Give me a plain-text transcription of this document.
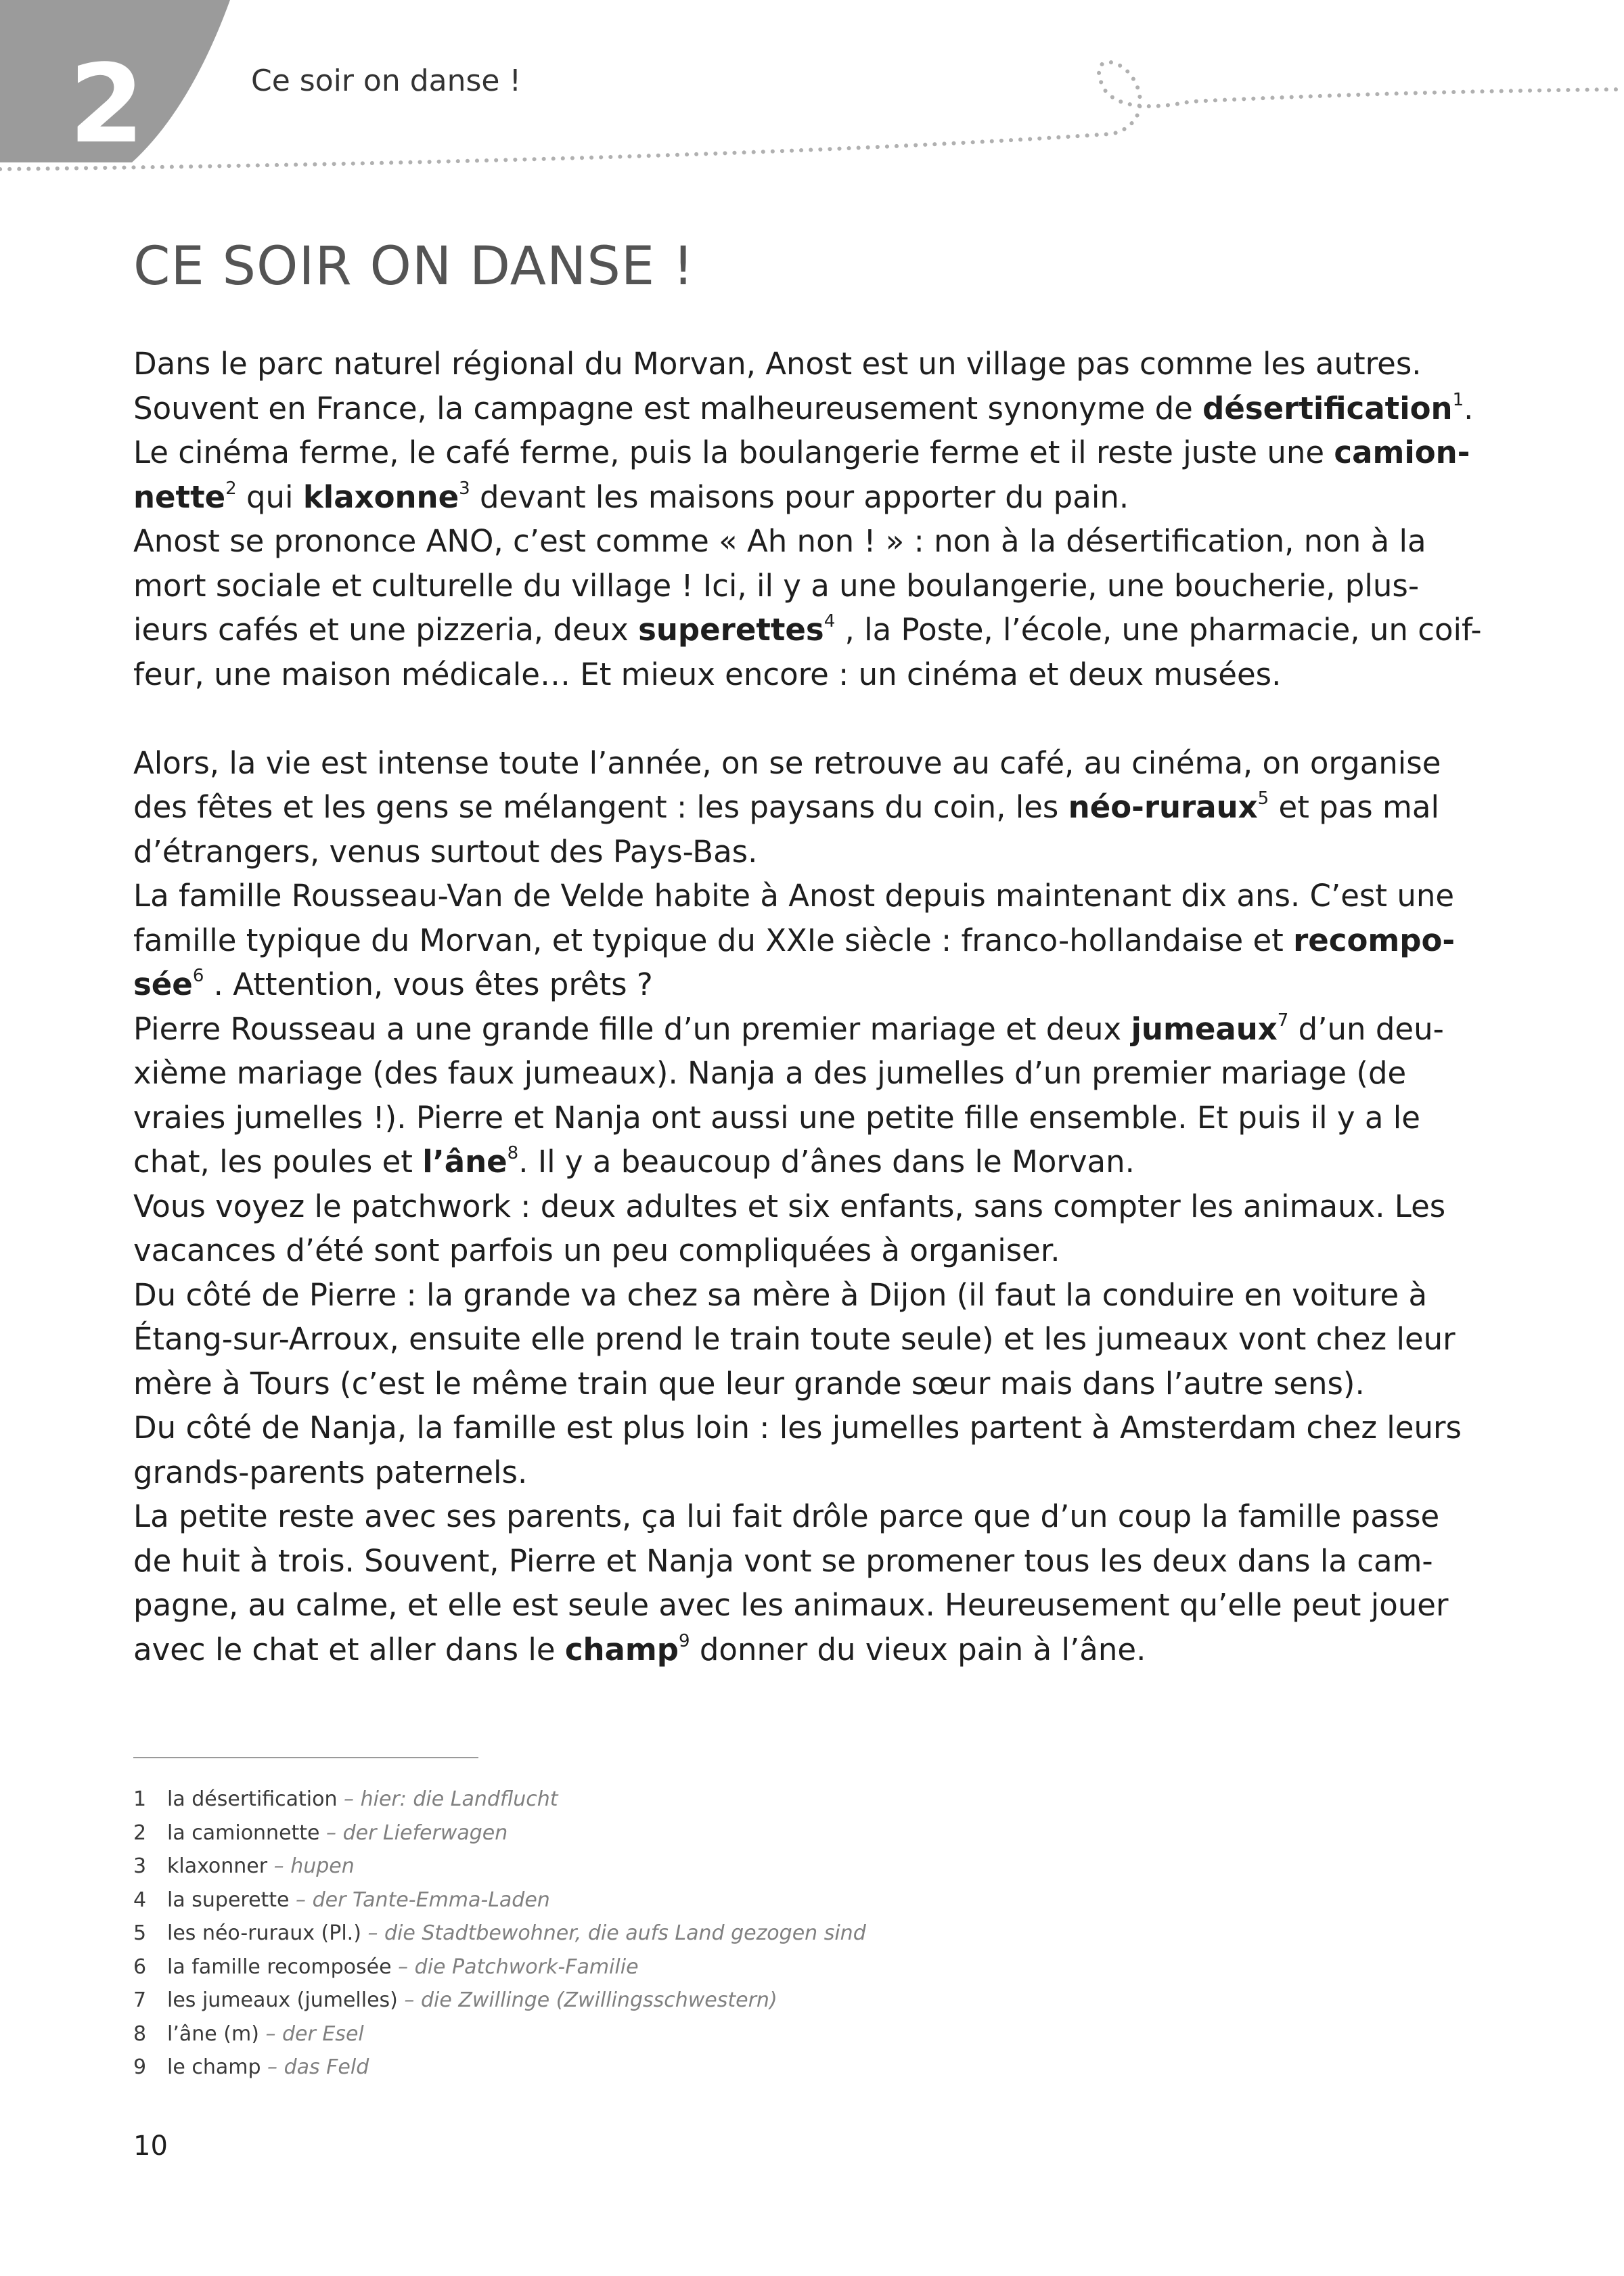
2	Ce soir on danse !
CE SOIR ON DANSE !
Dans le parc naturel régional du Morvan, Anost est un village pas comme les autres.
Souvent en France, la campagne est malheureusement synonyme de désertification$^1$.
Le cinéma ferme, le café ferme, puis la boulangerie ferme et il reste juste une camion-
nette$^2$ qui klaxonne$^3$ devant les maisons pour apporter du pain.
Anost se prononce ANO, c’est comme « Ah non ! » : non à la désertification, non à la
mort sociale et culturelle du village ! Ici, il y a une boulangerie, une boucherie, plus-
ieurs cafés et une pizzeria, deux superettes$^4$ , la Poste, l’école, une pharmacie, un coif-
feur, une maison médicale… Et mieux encore : un cinéma et deux musées.
Alors, la vie est intense toute l’année, on se retrouve au café, au cinéma, on organise
des fêtes et les gens se mélangent : les paysans du coin, les néo-ruraux$^5$ et pas mal
d’étrangers, venus surtout des Pays-Bas.
La famille Rousseau-Van de Velde habite à Anost depuis maintenant dix ans. C’est une
famille typique du Morvan, et typique du XXIe siècle : franco-hollandaise et recompo-
sée$^6$ . Attention, vous êtes prêts ?
Pierre Rousseau a une grande fille d’un premier mariage et deux jumeaux$^7$ d’un deu-
xième mariage (des faux jumeaux). Nanja a des jumelles d’un premier mariage (de
vraies jumelles !). Pierre et Nanja ont aussi une petite fille ensemble. Et puis il y a le
chat, les poules et l’âne$^8$. Il y a beaucoup d’ânes dans le Morvan.
Vous voyez le patchwork : deux adultes et six enfants, sans compter les animaux. Les
vacances d’été sont parfois un peu compliquées à organiser.
Du côté de Pierre : la grande va chez sa mère à Dijon (il faut la conduire en voiture à
Étang-sur-Arroux, ensuite elle prend le train toute seule) et les jumeaux vont chez leur
mère à Tours (c’est le même train que leur grande sœur mais dans l’autre sens).
Du côté de Nanja, la famille est plus loin : les jumelles partent à Amsterdam chez leurs
grands-parents paternels.
La petite reste avec ses parents, ça lui fait drôle parce que d’un coup la famille passe
de huit à trois. Souvent, Pierre et Nanja vont se promener tous les deux dans la cam-
pagne, au calme, et elle est seule avec les animaux. Heureusement qu’elle peut jouer
avec le chat et aller dans le champ$^9$ donner du vieux pain à l’âne.
1 la désertification – hier: die Landflucht
2 la camionnette – der Lieferwagen
3 klaxonner – hupen
4 la superette – der Tante-Emma-Laden
5 les néo-ruraux (Pl.) – die Stadtbewohner, die aufs Land gezogen sind
6 la famille recomposée – die Patchwork-Familie
7 les jumeaux (jumelles) – die Zwillinge (Zwillingsschwestern)
8 l’âne (m) – der Esel
9 le champ – das Feld
10
